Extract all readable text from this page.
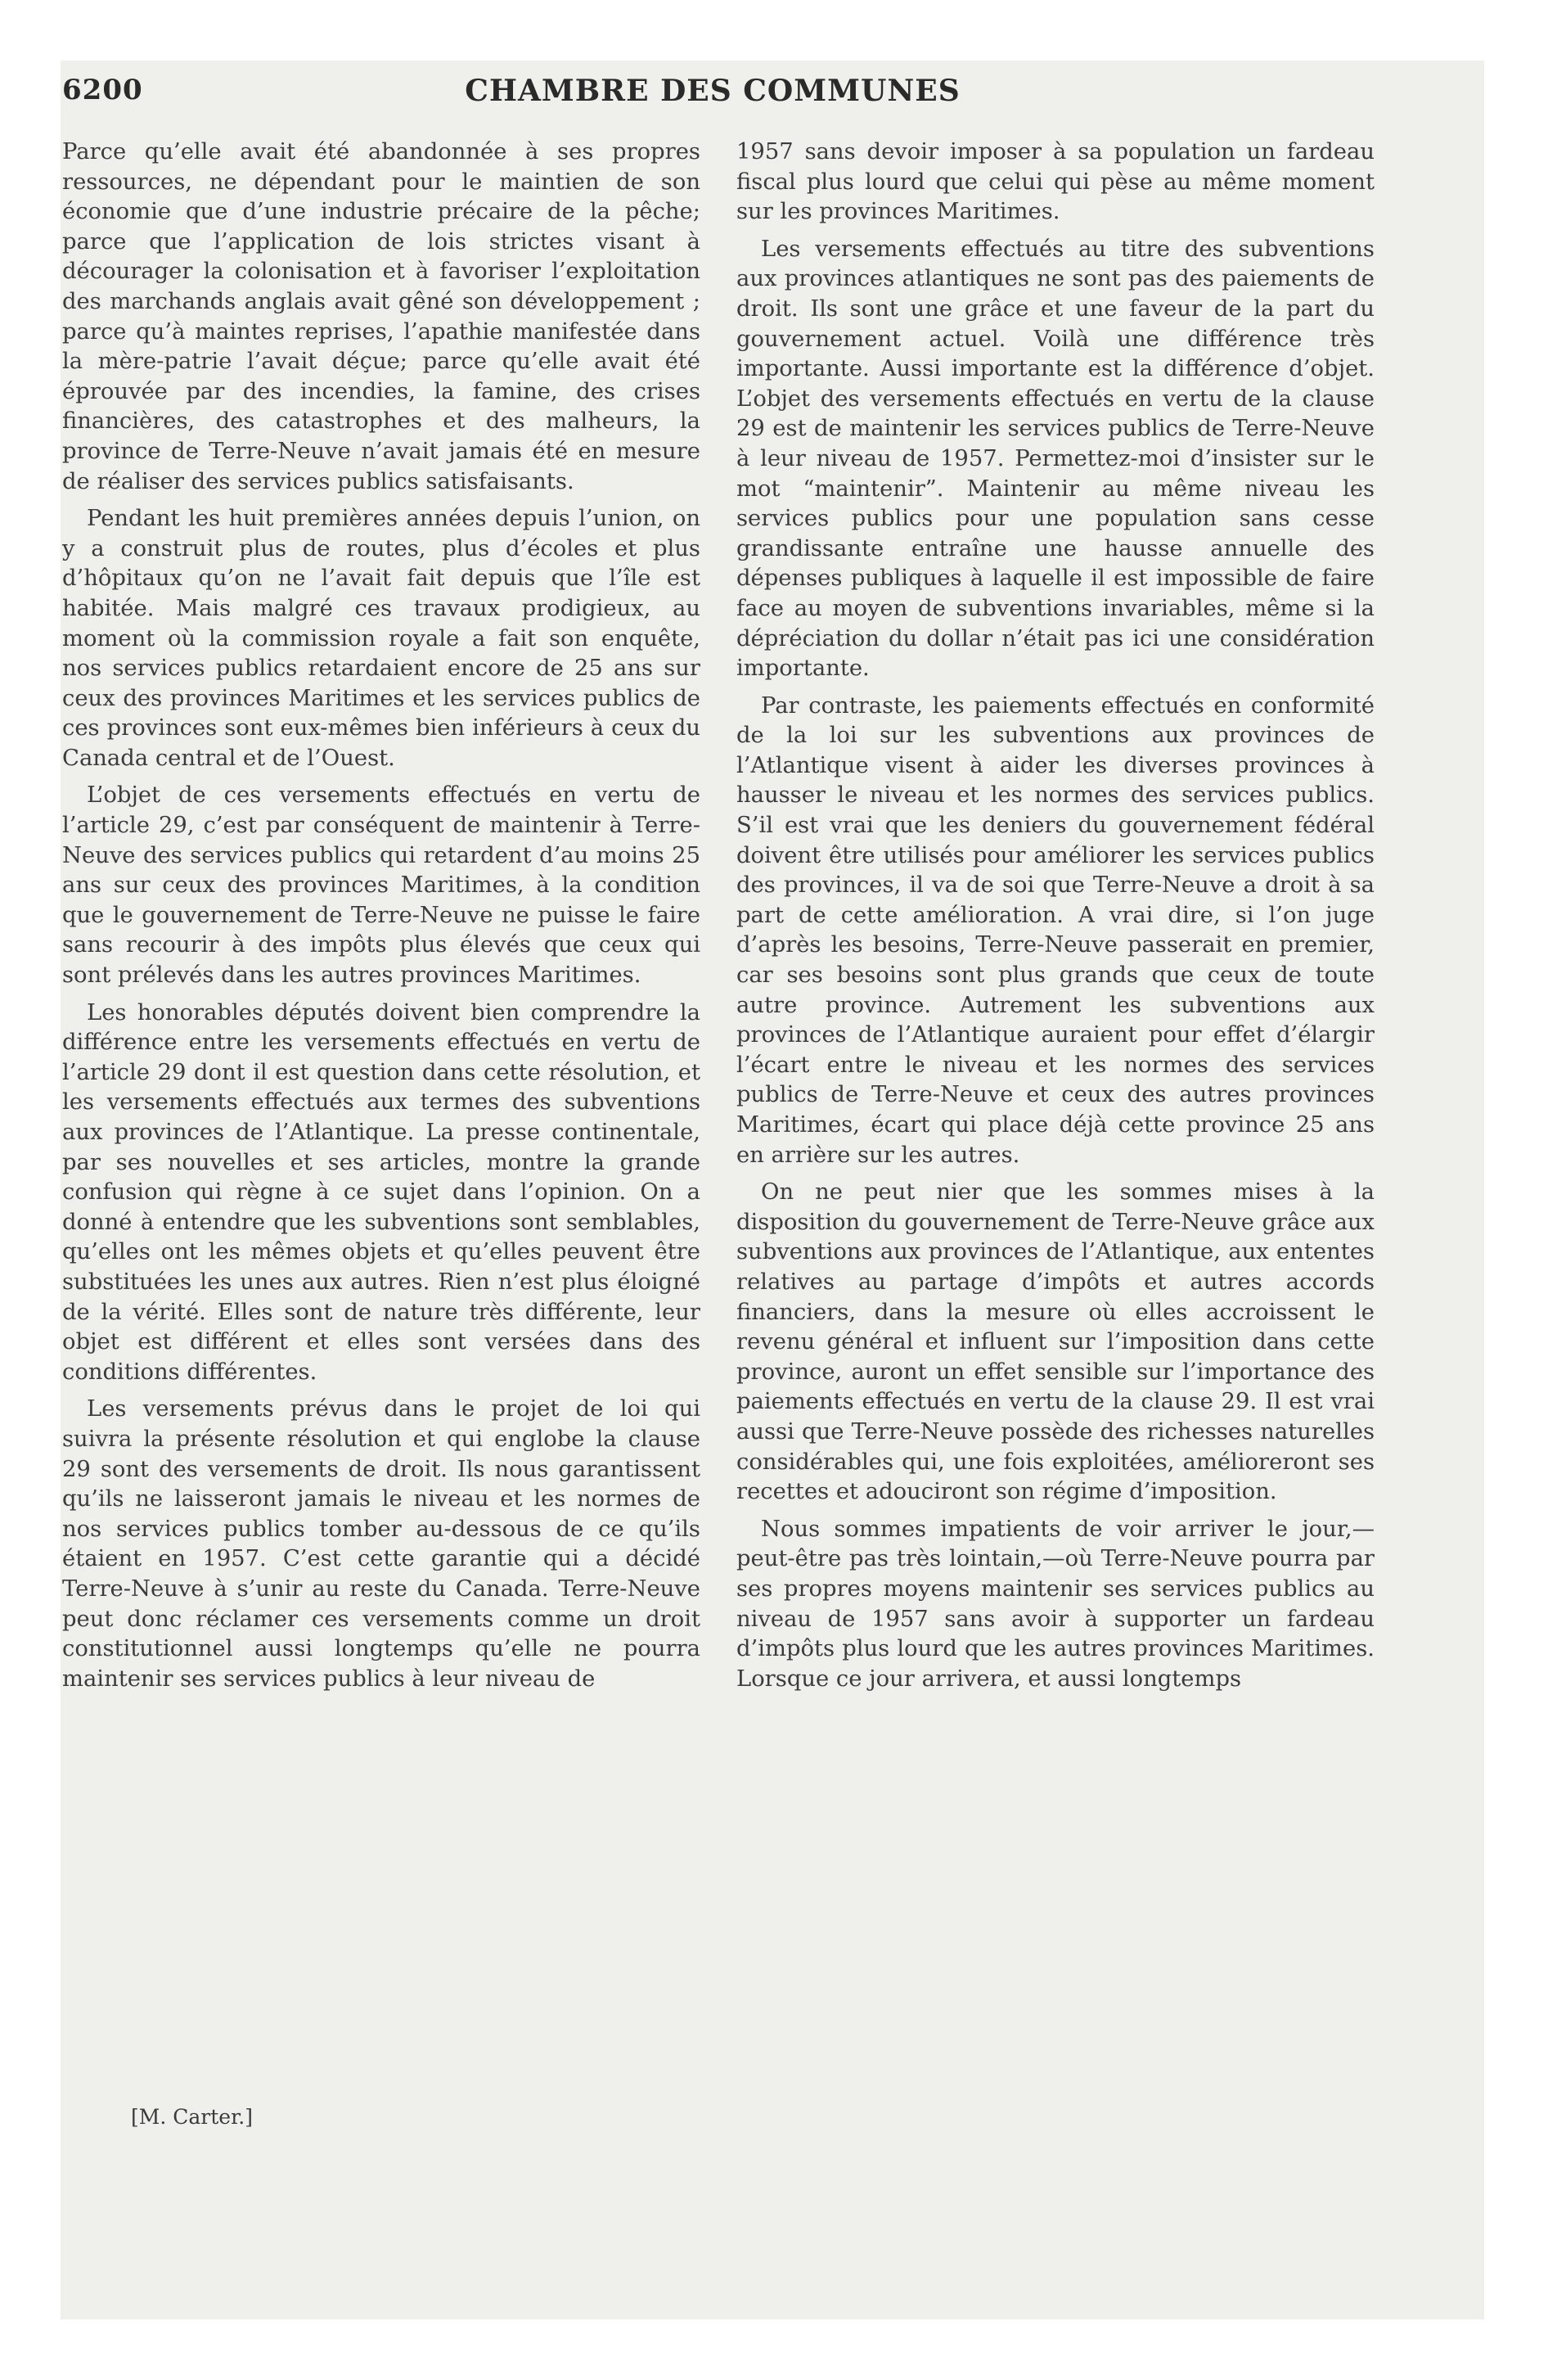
6200	CHAMBRE DES COMMUNES

Parce qu’elle avait été abandonnée à ses propres ressources, ne dépendant pour le maintien de son économie que d’une industrie précaire de la pêche; parce que l’application de lois strictes visant à décourager la colonisation et à favoriser l’exploitation des marchands anglais avait gêné son développement ; parce qu’à maintes reprises, l’apathie manifestée dans la mère-patrie l’avait déçue; parce qu’elle avait été éprouvée par des incendies, la famine, des crises financières, des catastrophes et des malheurs, la province de Terre-Neuve n’avait jamais été en mesure de réaliser des services publics satisfaisants.

Pendant les huit premières années depuis l’union, on y a construit plus de routes, plus d’écoles et plus d’hôpitaux qu’on ne l’avait fait depuis que l’île est habitée. Mais malgré ces travaux prodigieux, au moment où la commission royale a fait son enquête, nos services publics retardaient encore de 25 ans sur ceux des provinces Maritimes et les services publics de ces provinces sont eux-mêmes bien inférieurs à ceux du Canada central et de l’Ouest.

L’objet de ces versements effectués en vertu de l’article 29, c’est par conséquent de maintenir à Terre-Neuve des services publics qui retardent d’au moins 25 ans sur ceux des provinces Maritimes, à la condition que le gouvernement de Terre-Neuve ne puisse le faire sans recourir à des impôts plus élevés que ceux qui sont prélevés dans les autres provinces Maritimes.

Les honorables députés doivent bien comprendre la différence entre les versements effectués en vertu de l’article 29 dont il est question dans cette résolution, et les versements effectués aux termes des subventions aux provinces de l’Atlantique. La presse continentale, par ses nouvelles et ses articles, montre la grande confusion qui règne à ce sujet dans l’opinion. On a donné à entendre que les subventions sont semblables, qu’elles ont les mêmes objets et qu’elles peuvent être substituées les unes aux autres. Rien n’est plus éloigné de la vérité. Elles sont de nature très différente, leur objet est différent et elles sont versées dans des conditions différentes.

Les versements prévus dans le projet de loi qui suivra la présente résolution et qui englobe la clause 29 sont des versements de droit. Ils nous garantissent qu’ils ne laisseront jamais le niveau et les normes de nos services publics tomber au-dessous de ce qu’ils étaient en 1957. C’est cette garantie qui a décidé Terre-Neuve à s’unir au reste du Canada. Terre-Neuve peut donc réclamer ces versements comme un droit constitutionnel aussi longtemps qu’elle ne pourra maintenir ses services publics à leur niveau de

1957 sans devoir imposer à sa population un fardeau fiscal plus lourd que celui qui pèse au même moment sur les provinces Maritimes.

Les versements effectués au titre des subventions aux provinces atlantiques ne sont pas des paiements de droit. Ils sont une grâce et une faveur de la part du gouvernement actuel. Voilà une différence très importante. Aussi importante est la différence d’objet. L’objet des versements effectués en vertu de la clause 29 est de maintenir les services publics de Terre-Neuve à leur niveau de 1957. Permettez-moi d’insister sur le mot “maintenir”. Maintenir au même niveau les services publics pour une population sans cesse grandissante entraîne une hausse annuelle des dépenses publiques à laquelle il est impossible de faire face au moyen de subventions invariables, même si la dépréciation du dollar n’était pas ici une considération importante.

Par contraste, les paiements effectués en conformité de la loi sur les subventions aux provinces de l’Atlantique visent à aider les diverses provinces à hausser le niveau et les normes des services publics. S’il est vrai que les deniers du gouvernement fédéral doivent être utilisés pour améliorer les services publics des provinces, il va de soi que Terre-Neuve a droit à sa part de cette amélioration. A vrai dire, si l’on juge d’après les besoins, Terre-Neuve passerait en premier, car ses besoins sont plus grands que ceux de toute autre province. Autrement les subventions aux provinces de l’Atlantique auraient pour effet d’élargir l’écart entre le niveau et les normes des services publics de Terre-Neuve et ceux des autres provinces Maritimes, écart qui place déjà cette province 25 ans en arrière sur les autres.

On ne peut nier que les sommes mises à la disposition du gouvernement de Terre-Neuve grâce aux subventions aux provinces de l’Atlantique, aux ententes relatives au partage d’impôts et autres accords financiers, dans la mesure où elles accroissent le revenu général et influent sur l’imposition dans cette province, auront un effet sensible sur l’importance des paiements effectués en vertu de la clause 29. Il est vrai aussi que Terre-Neuve possède des richesses naturelles considérables qui, une fois exploitées, amélioreront ses recettes et adouciront son régime d’imposition.

Nous sommes impatients de voir arriver le jour,—peut-être pas très lointain,—où Terre-Neuve pourra par ses propres moyens maintenir ses services publics au niveau de 1957 sans avoir à supporter un fardeau d’impôts plus lourd que les autres provinces Maritimes. Lorsque ce jour arrivera, et aussi longtemps

[M. Carter.]
